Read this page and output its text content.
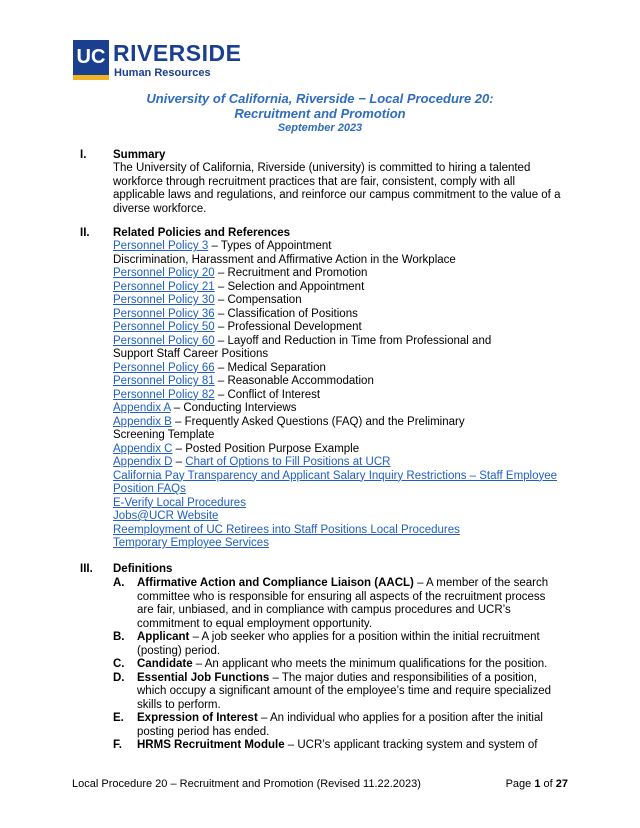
UC RIVERSIDE
Human Resources
University of California, Riverside − Local Procedure 20:
Recruitment and Promotion
September 2023
I. Summary
The University of California, Riverside (university) is committed to hiring a talented workforce through recruitment practices that are fair, consistent, comply with all applicable laws and regulations, and reinforce our campus commitment to the value of a diverse workforce.
II. Related Policies and References
Personnel Policy 3 – Types of Appointment
Discrimination, Harassment and Affirmative Action in the Workplace
Personnel Policy 20 – Recruitment and Promotion
Personnel Policy 21 – Selection and Appointment
Personnel Policy 30 – Compensation
Personnel Policy 36 – Classification of Positions
Personnel Policy 50 – Professional Development
Personnel Policy 60 – Layoff and Reduction in Time from Professional and
Support Staff Career Positions
Personnel Policy 66 – Medical Separation
Personnel Policy 81 – Reasonable Accommodation
Personnel Policy 82 – Conflict of Interest
Appendix A – Conducting Interviews
Appendix B – Frequently Asked Questions (FAQ) and the Preliminary
Screening Template
Appendix C – Posted Position Purpose Example
Appendix D – Chart of Options to Fill Positions at UCR
California Pay Transparency and Applicant Salary Inquiry Restrictions – Staff Employee
Position FAQs
E-Verify Local Procedures
Jobs@UCR Website
Reemployment of UC Retirees into Staff Positions Local Procedures
Temporary Employee Services
III. Definitions
A. Affirmative Action and Compliance Liaison (AACL) – A member of the search committee who is responsible for ensuring all aspects of the recruitment process are fair, unbiased, and in compliance with campus procedures and UCR’s commitment to equal employment opportunity.
B. Applicant – A job seeker who applies for a position within the initial recruitment (posting) period.
C. Candidate – An applicant who meets the minimum qualifications for the position.
D. Essential Job Functions – The major duties and responsibilities of a position, which occupy a significant amount of the employee’s time and require specialized skills to perform.
E. Expression of Interest – An individual who applies for a position after the initial posting period has ended.
F. HRMS Recruitment Module – UCR’s applicant tracking system and system of
Local Procedure 20 – Recruitment and Promotion (Revised 11.22.2023)	Page 1 of 27
